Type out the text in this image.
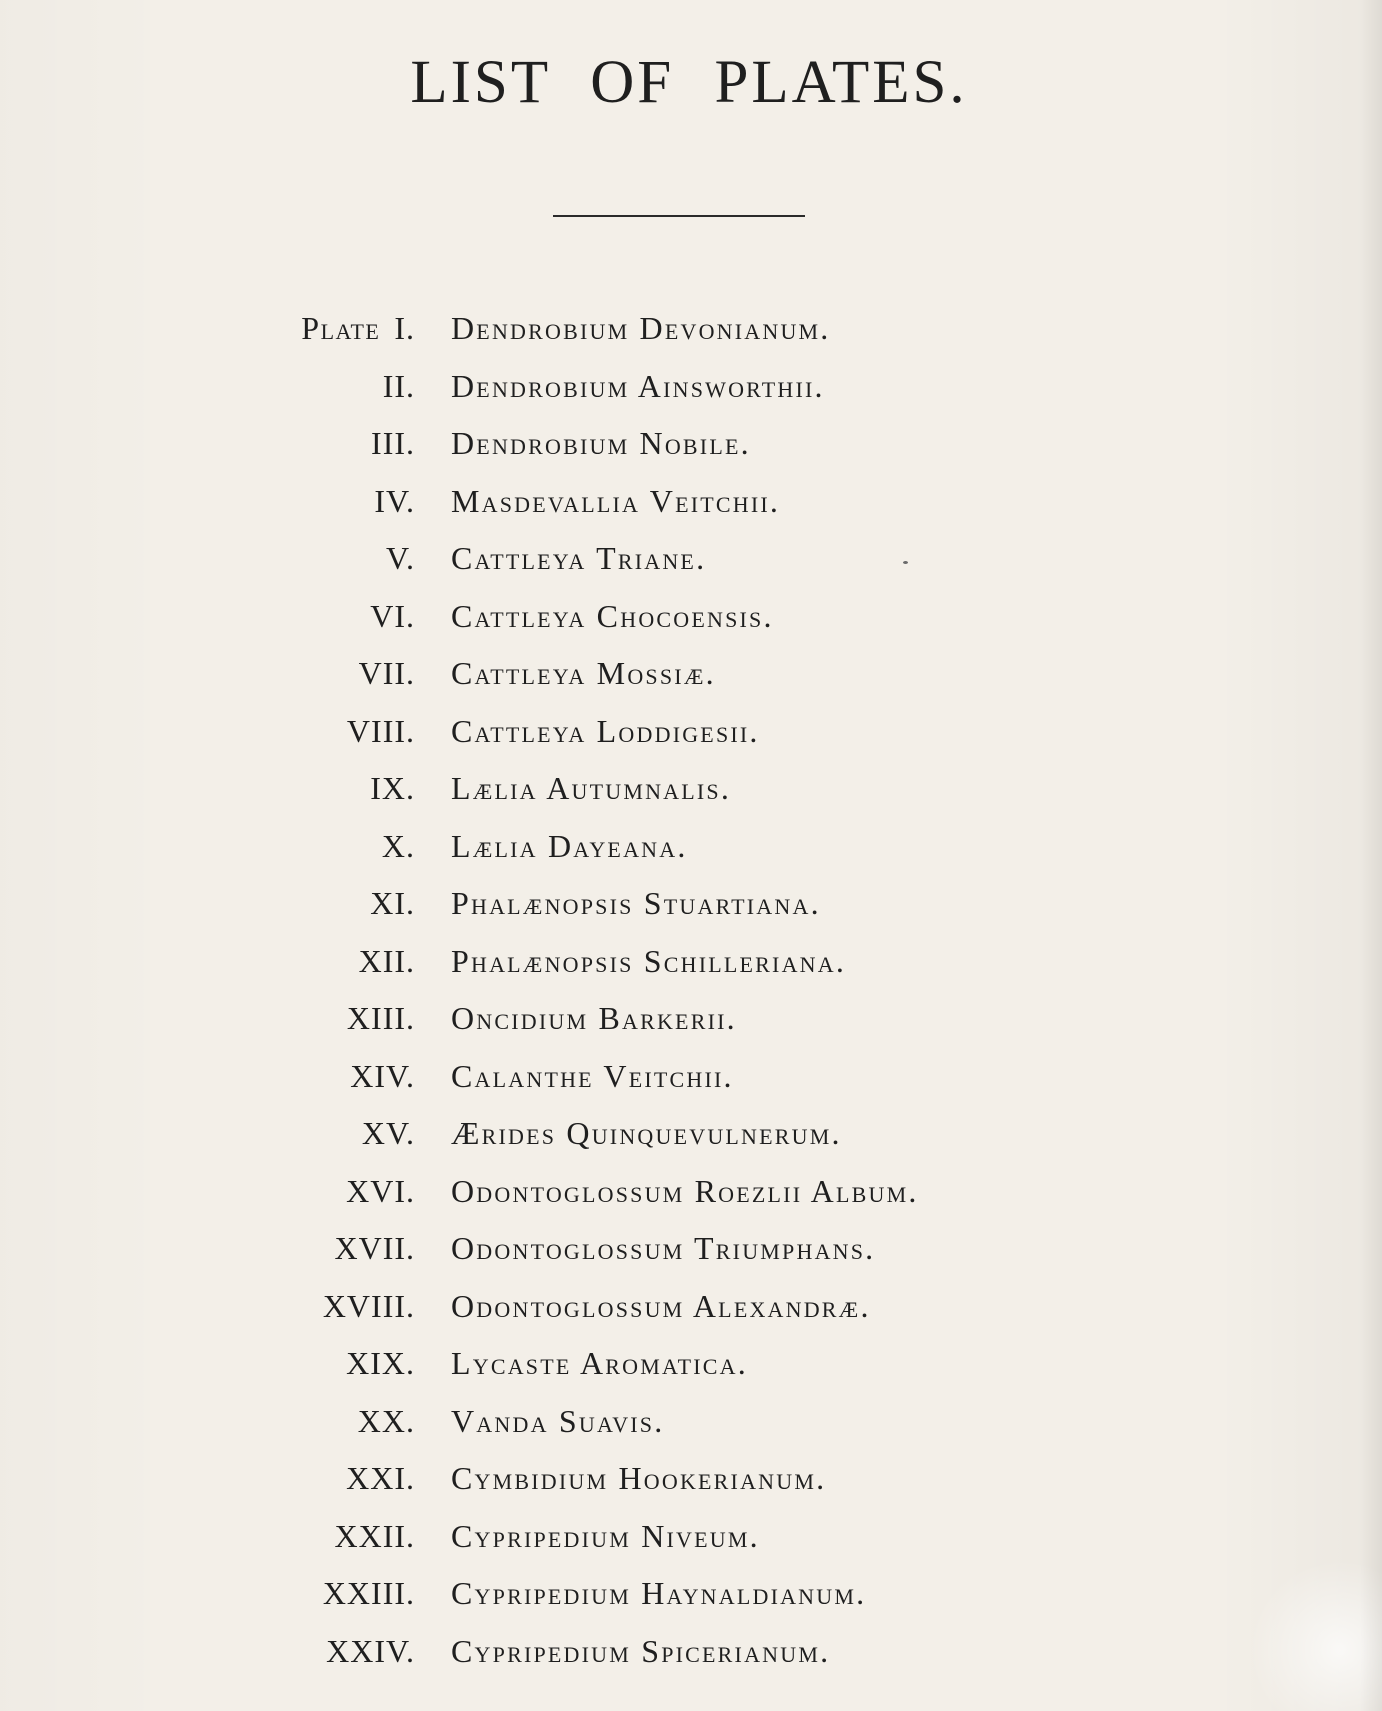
LIST OF PLATES.
Plate I. Dendrobium Devonianum.
II. Dendrobium Ainsworthii.
III. Dendrobium Nobile.
IV. Masdevallia Veitchii.
V. Cattleya Triane.
VI. Cattleya Chocoensis.
VII. Cattleya Mossiæ.
VIII. Cattleya Loddigesii.
IX. Lælia Autumnalis.
X. Lælia Dayeana.
XI. Phalænopsis Stuartiana.
XII. Phalænopsis Schilleriana.
XIII. Oncidium Barkerii.
XIV. Calanthe Veitchii.
XV. Ærides Quinquevulnerum.
XVI. Odontoglossum Roezlii Album.
XVII. Odontoglossum Triumphans.
XVIII. Odontoglossum Alexandræ.
XIX. Lycaste Aromatica.
XX. Vanda Suavis.
XXI. Cymbidium Hookerianum.
XXII. Cypripedium Niveum.
XXIII. Cypripedium Haynaldianum.
XXIV. Cypripedium Spicerianum.
